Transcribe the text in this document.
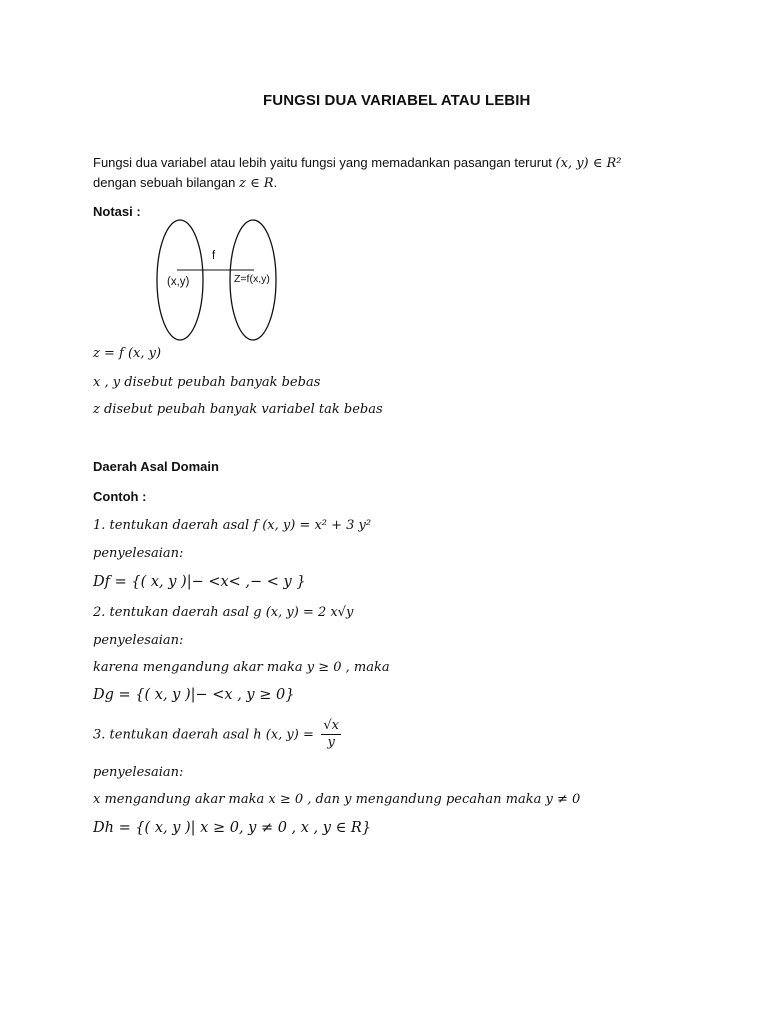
FUNGSI DUA VARIABEL ATAU LEBIH
Fungsi dua variabel atau lebih yaitu fungsi yang memadankan pasangan terurut (x, y) ∈ R²
dengan sebuah bilangan z ∈ R.
Notasi :
f
(x,y)	Z=f(x,y)
z = f (x, y)
x , y disebut peubah banyak bebas
z disebut peubah banyak variabel tak bebas
Daerah Asal Domain
Contoh :
1. tentukan daerah asal f (x, y) = x² + 3 y²
penyelesaian:
Df = {( x, y )|− <x< ,− < y }
2. tentukan daerah asal g (x, y) = 2 x√y
penyelesaian:
karena mengandung akar maka y ≥ 0 , maka
Dg = {( x, y )|− <x , y ≥ 0}
3. tentukan daerah asal h (x, $y) = \frac{√x}{y}$
penyelesaian:
x mengandung akar maka x ≥ 0 , dan y mengandung pecahan maka y ≠ 0
Dh = {( x, y )| x ≥ 0, y ≠ 0 , x , y ∈ R}
